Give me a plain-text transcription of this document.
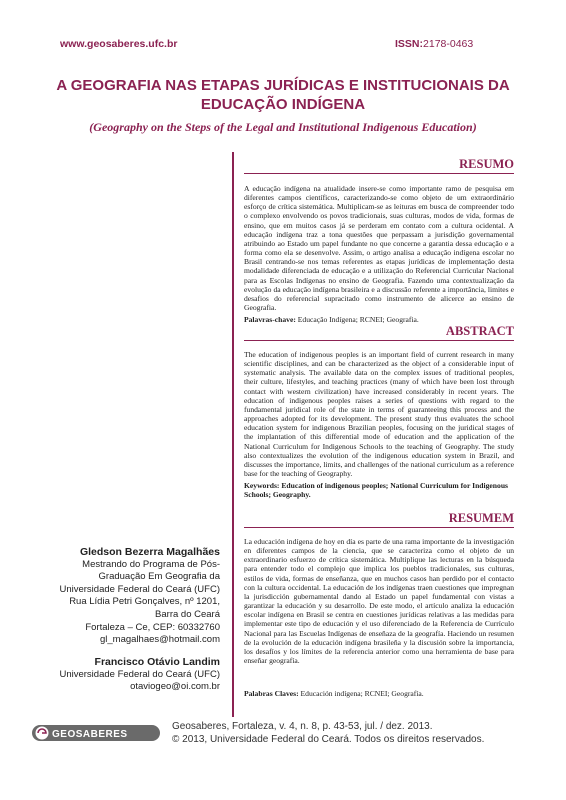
www.geosaberes.ufc.br	ISSN:2178-0463
A GEOGRAFIA NAS ETAPAS JURÍDICAS E INSTITUCIONAIS DA
EDUCAÇÃO INDÍGENA
(Geography on the Steps of the Legal and Institutional Indigenous Education)
RESUMO
A educação indígena na atualidade insere-se como importante ramo de pesquisa em diferentes campos científicos, caracterizando-se como objeto de um extraordinário esforço de crítica sistemática. Multiplicam-se as leituras em busca de compreender todo o complexo envolvendo os povos tradicionais, suas culturas, modos de vida, formas de ensino, que em muitos casos já se perderam em contato com a cultura ocidental. A educação indígena traz a tona questões que perpassam a jurisdição governamental atribuindo ao Estado um papel fundante no que concerne a garantia dessa educação e a forma como ela se desenvolve. Assim, o artigo analisa a educação indígena escolar no Brasil centrando-se nos temas referentes as etapas jurídicas de implementação desta modalidade diferenciada de educação e a utilização do Referencial Curricular Nacional para as Escolas Indígenas no ensino de Geografia. Fazendo uma contextualização da evolução da educação indígena brasileira e a discussão referente a importância, limites e desafios do referencial supracitado como instrumento de alicerce ao ensino de Geografia.
Palavras-chave: Educação Indígena; RCNEI; Geografia.
ABSTRACT
The education of indigenous peoples is an important field of current research in many scientific disciplines, and can be characterized as the object of a considerable input of systematic analysis. The available data on the complex issues of traditional peoples, their culture, lifestyles, and teaching practices (many of which have been lost through contact with western civilization) have increased considerably in recent years. The education of indigenous peoples raises a series of questions with regard to the fundamental juridical role of the state in terms of guaranteeing this process and the approaches adopted for its development. The present study thus evaluates the school education system for indigenous Brazilian peoples, focusing on the juridical stages of the implantation of this differential mode of education and the application of the National Curriculum for Indigenous Schools to the teaching of Geography. The study also contextualizes the evolution of the indigenous education system in Brazil, and discusses the importance, limits, and challenges of the national curriculum as a reference base for the teaching of Geography.
Keywords: Education of indigenous peoples; National Curriculum for Indigenous Schools; Geography.
RESUMEM
La educación indígena de hoy en día es parte de una rama importante de la investigación en diferentes campos de la ciencia, que se caracteriza como el objeto de un extraordinario esfuerzo de crítica sistemática. Multiplique las lecturas en la búsqueda para entender todo el complejo que implica los pueblos tradicionales, sus culturas, estilos de vida, formas de enseñanza, que en muchos casos han perdido por el contacto con la cultura occidental. La educación de los indígenas traen cuestiones que impregnan la jurisdicción gubernamental dando al Estado un papel fundamental con vistas a garantizar la educación y su desarrollo. De este modo, el artículo analiza la educación escolar indígena en Brasil se centra en cuestiones jurídicas relativas a las medidas para implementar este tipo de educación y el uso diferenciado de la Referencia de Currículo Nacional para las Escuelas Indígenas de enseñaza de la geografía. Haciendo un resumen de la evolución de la educación indígena brasileña y la discusión sobre la importancia, los desafíos y los límites de la referencia anterior como una herramienta de base para enseñar geografía.
Palabras Claves: Educación indígena; RCNEI; Geografía.
Gledson Bezerra Magalhães
Mestrando do Programa de Pós-
Graduação Em Geografia da
Universidade Federal do Ceará (UFC)
Rua Lídia Petri Gonçalves, nº 1201,
Barra do Ceará
Fortaleza – Ce, CEP: 60332760
gl_magalhaes@hotmail.com
Francisco Otávio Landim
Universidade Federal do Ceará (UFC)
otaviogeo@oi.com.br
GEOSABERES
Geosaberes, Fortaleza, v. 4, n. 8, p. 43-53, jul. / dez. 2013.
© 2013, Universidade Federal do Ceará. Todos os direitos reservados.
